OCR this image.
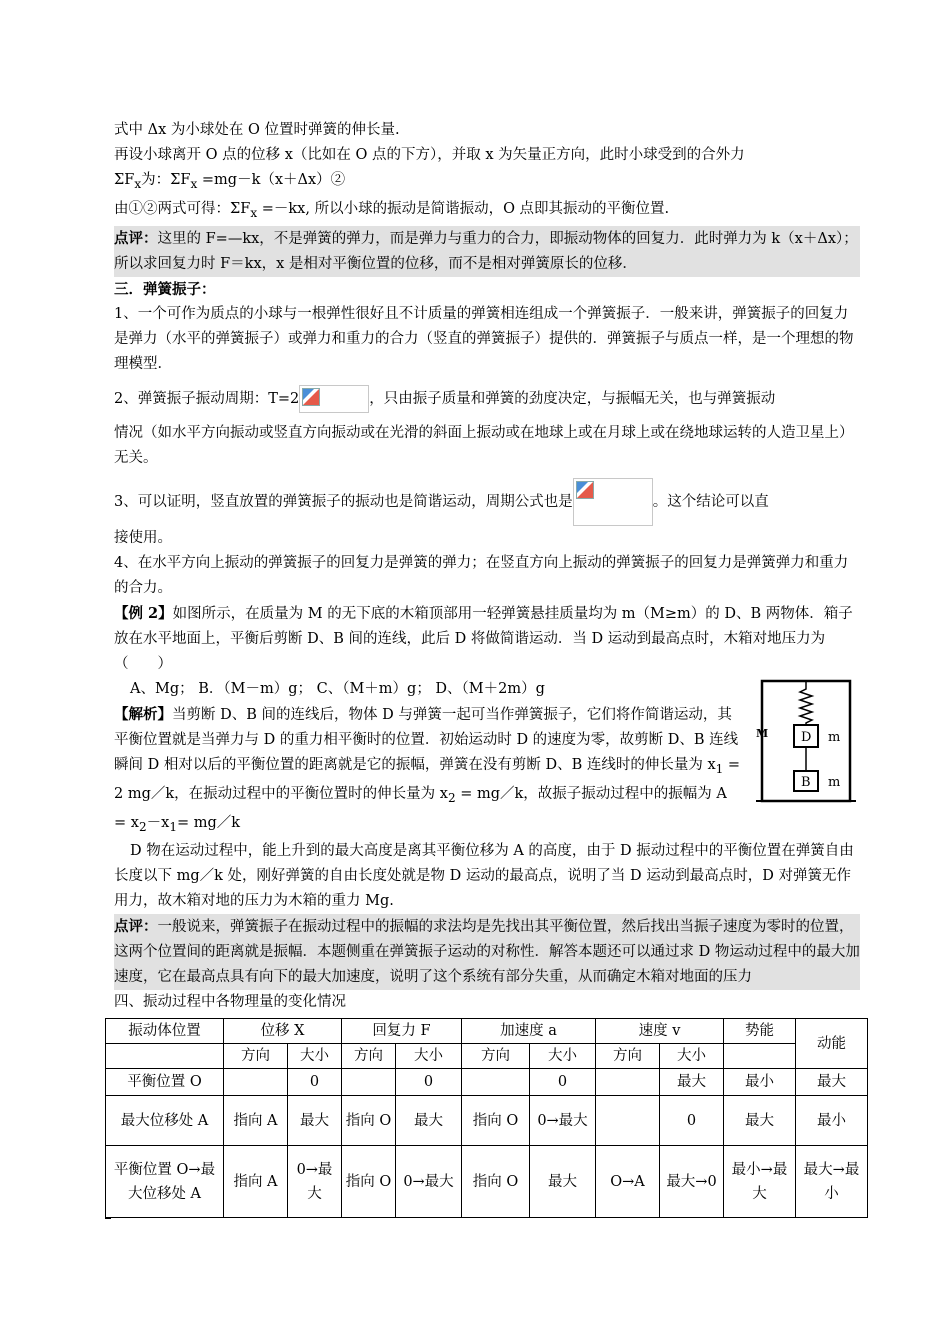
式中 Δx 为小球处在 O 位置时弹簧的伸长量.

再设小球离开 O 点的位移 x（比如在 O 点的下方），并取 x 为矢量正方向，此时小球受到的合外力

$\Sigma F_x$为：$\Sigma F_x$ =mg－k（x＋Δx）②

由①②两式可得：$\Sigma F_x =-kx$, 所以小球的振动是简谐振动，O 点即其振动的平衡位置.

点评：这里的 F=—kx，不是弹簧的弹力，而是弹力与重力的合力，即振动物体的回复力．此时弹力为 k（x＋Δx）；所以求回复力时 F＝kx，x 是相对平衡位置的位移，而不是相对弹簧原长的位移．

三．弹簧振子：

1、一个可作为质点的小球与一根弹性很好且不计质量的弹簧相连组成一个弹簧振子．一般来讲，弹簧振子的回复力是弹力（水平的弹簧振子）或弹力和重力的合力（竖直的弹簧振子）提供的．弹簧振子与质点一样，是一个理想的物理模型．

2、弹簧振子振动周期：T=2	，只由振子质量和弹簧的劲度决定，与振幅无关，也与弹簧振动

情况（如水平方向振动或竖直方向振动或在光滑的斜面上振动或在地球上或在月球上或在绕地球运转的人造卫星上）无关。

3、可以证明，竖直放置的弹簧振子的振动也是简谐运动，周期公式也是	。这个结论可以直

接使用。

4、在水平方向上振动的弹簧振子的回复力是弹簧的弹力；在竖直方向上振动的弹簧振子的回复力是弹簧弹力和重力的合力。

【例 2】如图所示，在质量为 M 的无下底的木箱顶部用一轻弹簧悬挂质量均为 m（M≥m）的 D、B 两物体．箱子放在水平地面上，平衡后剪断 D、B 间的连线，此后 D 将做简谐运动．当 D 运动到最高点时，木箱对地压力为（　　）

M	D m
B m

A、Mg； B．（M－m）g； C、（M＋m）g； D、（M＋2m）g

【解析】当剪断 D、B 间的连线后，物体 D 与弹簧一起可当作弹簧振子，它们将作简谐运动，其平衡位置就是当弹力与 D 的重力相平衡时的位置．初始运动时 D 的速度为零，故剪断 D、B 连线瞬间 D 相对以后的平衡位置的距离就是它的振幅，弹簧在没有剪断 D、B 连线时的伸长量为 $x_1 = 2$ mg／k，在振动过程中的平衡位置时的伸长量为 $x_2$ = mg／k，故振子振动过程中的振幅为 $A = x_2-x_1=$ mg／k

D 物在运动过程中，能上升到的最大高度是离其平衡位移为 A 的高度，由于 D 振动过程中的平衡位置在弹簧自由长度以下 mg／k 处，刚好弹簧的自由长度处就是物 D 运动的最高点，说明了当 D 运动到最高点时，D 对弹簧无作用力，故木箱对地的压力为木箱的重力 Mg.

点评：一般说来，弹簧振子在振动过程中的振幅的求法均是先找出其平衡位置，然后找出当振子速度为零时的位置，这两个位置间的距离就是振幅．本题侧重在弹簧振子运动的对称性．解答本题还可以通过求 D 物运动过程中的最大加速度，它在最高点具有向下的最大加速度，说明了这个系统有部分失重，从而确定木箱对地面的压力

四、振动过程中各物理量的变化情况

振动体位置	位移 X		回复力 F		加速度 a		速度 v		势能	动能
	方向	大小	方向	大小	方向	大小	方向	大小		
平衡位置 O		0		0		0		最大	最小	最大
最大位移处 A	指向 A	最大	指向 O	最大	指向 O	0→最大		0	最大	最小
平衡位置 O→最大位移处 A	指向 A	0→最大	指向 O	0→最大	指向 O	最大	O→A	最大→0	最小→最大	最大→最小
